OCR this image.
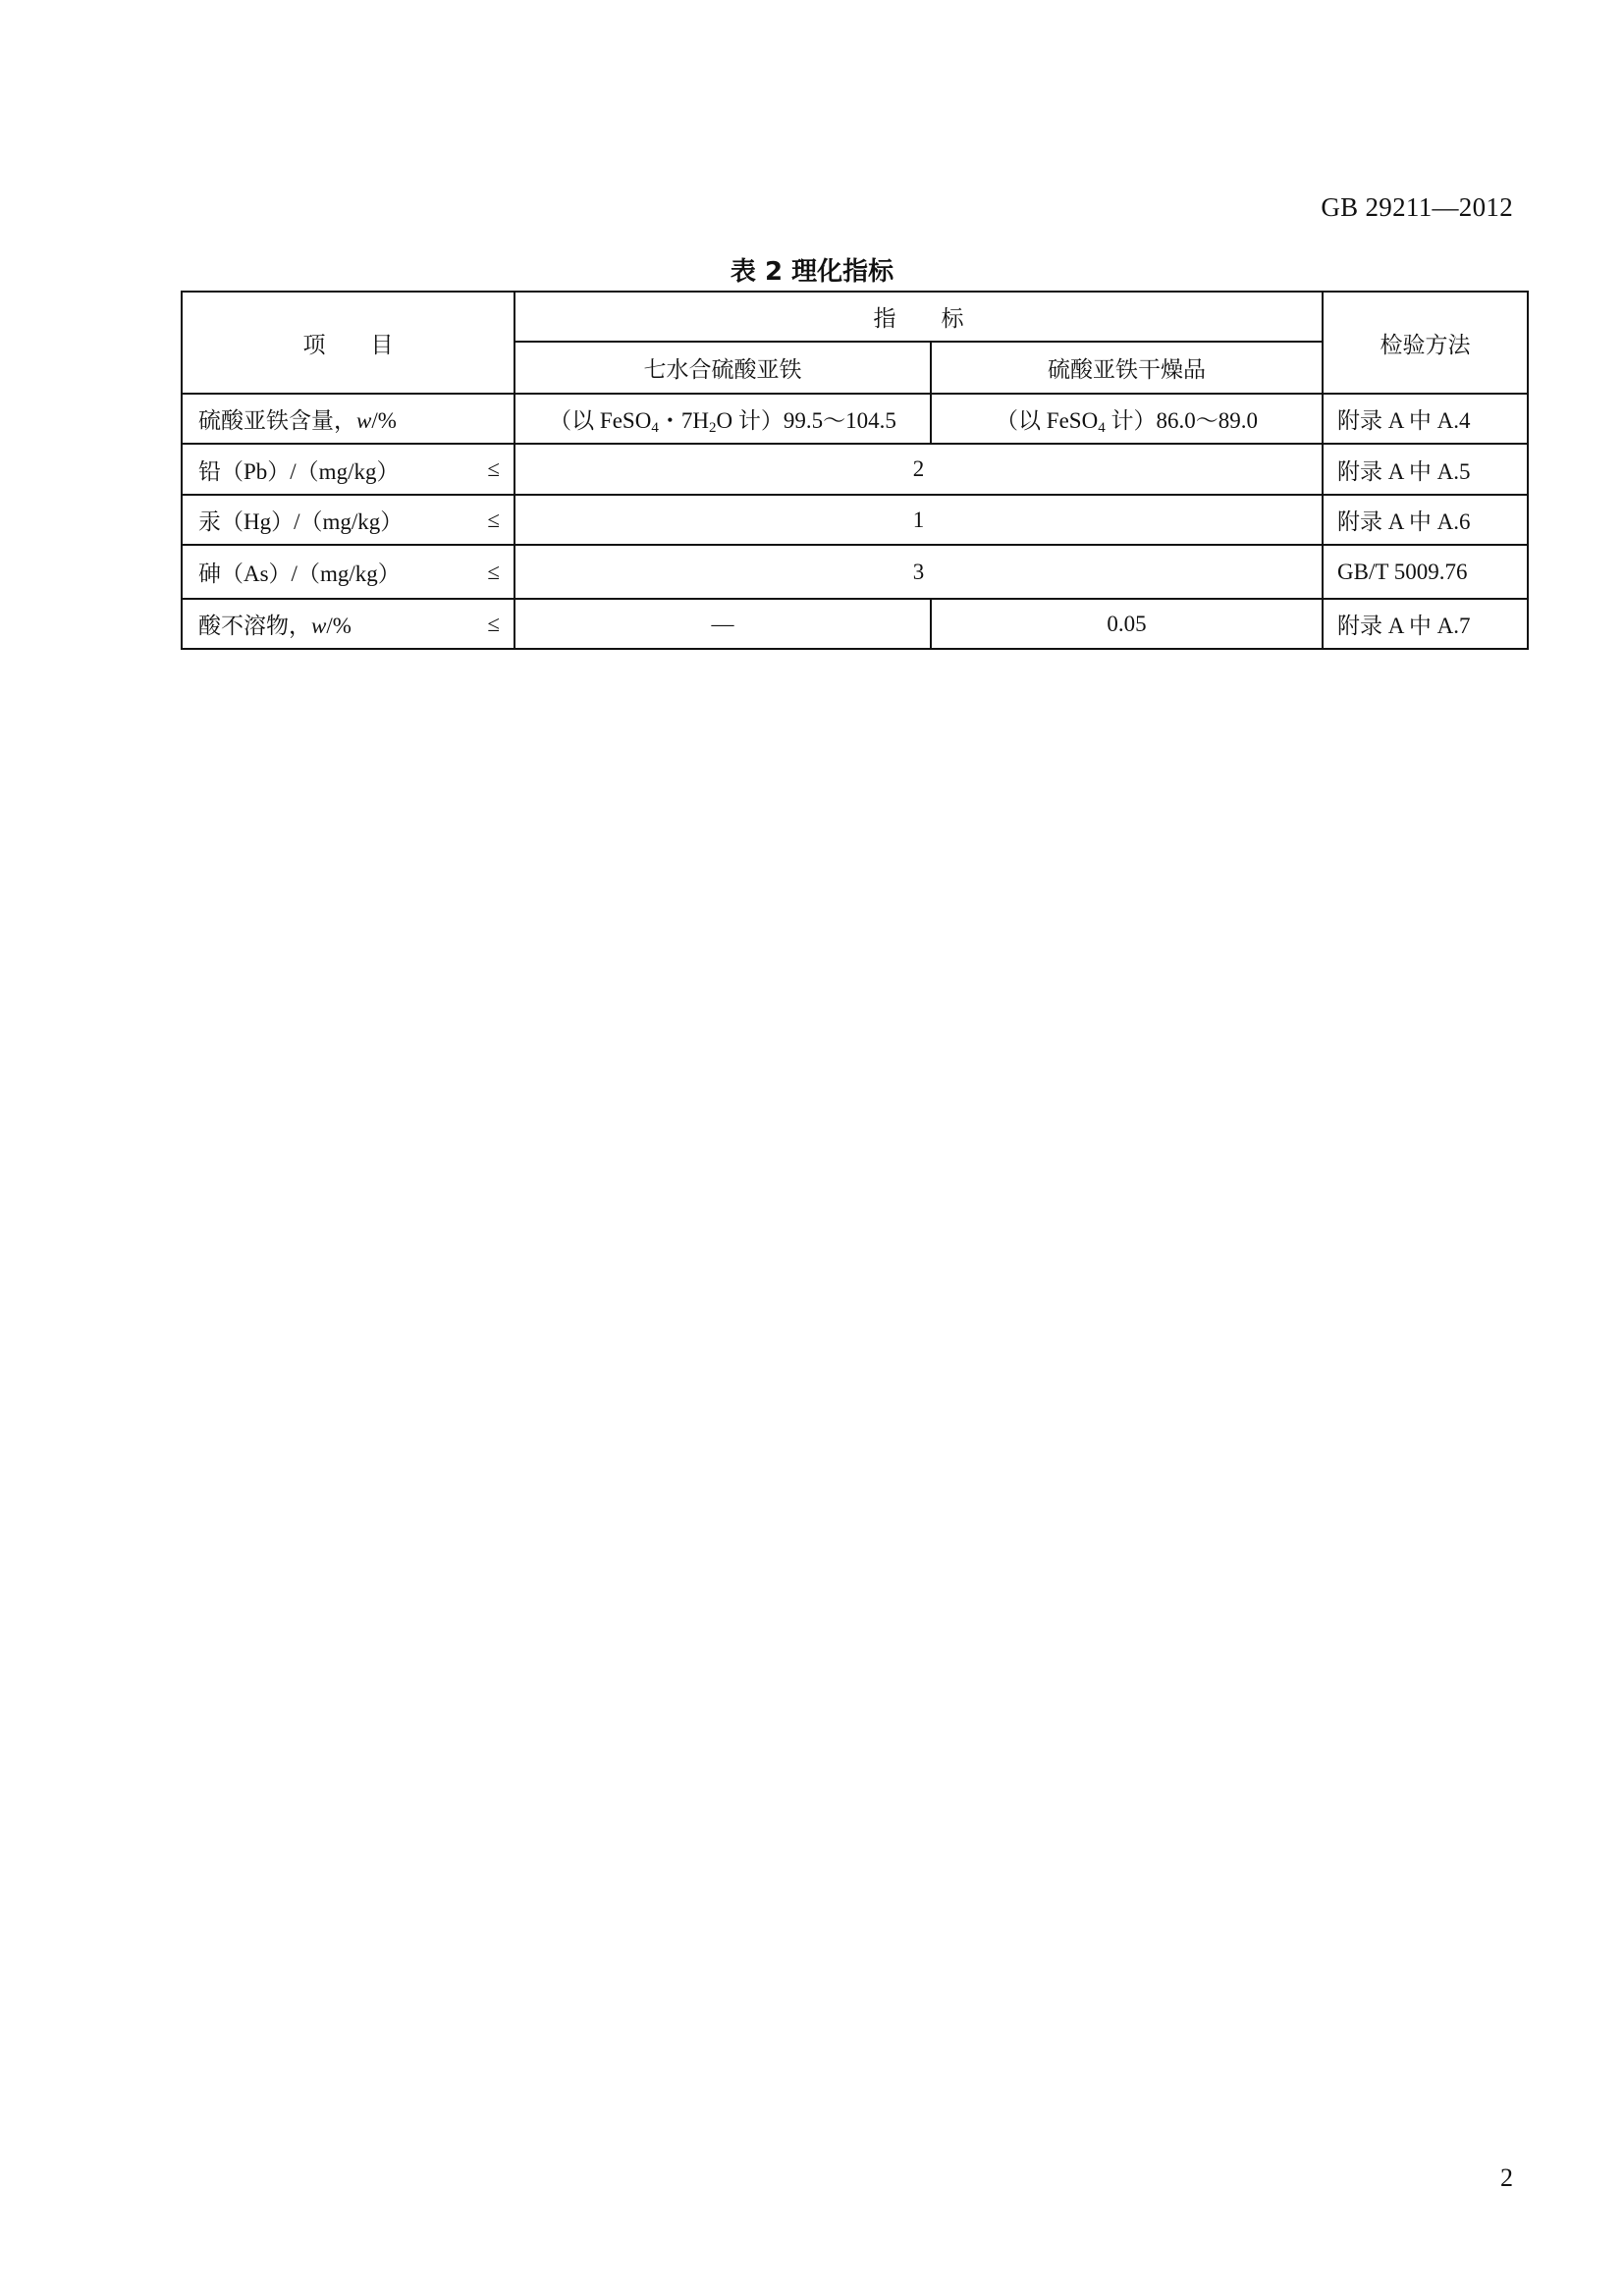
GB 29211—2012
表 2 理化指标
项　　目	指　　标		检验方法
	七水合硫酸亚铁	硫酸亚铁干燥品	
硫酸亚铁含量，w/%	（以 FeSO$_4$・$7H_2O$ 计）99.5～104.5	（以 FeSO$_4$ 计）86.0～89.0	附录 A 中 A.4

铅（Pb）/（mg/kg） ≤	2		附录 A 中 A.5

汞（Hg）/（mg/kg） ≤	1		附录 A 中 A.6

砷（As）/（mg/kg） ≤	3		GB/T 5009.76

酸不溶物，w/% ≤	—	0.05	附录 A 中 A.7
2
